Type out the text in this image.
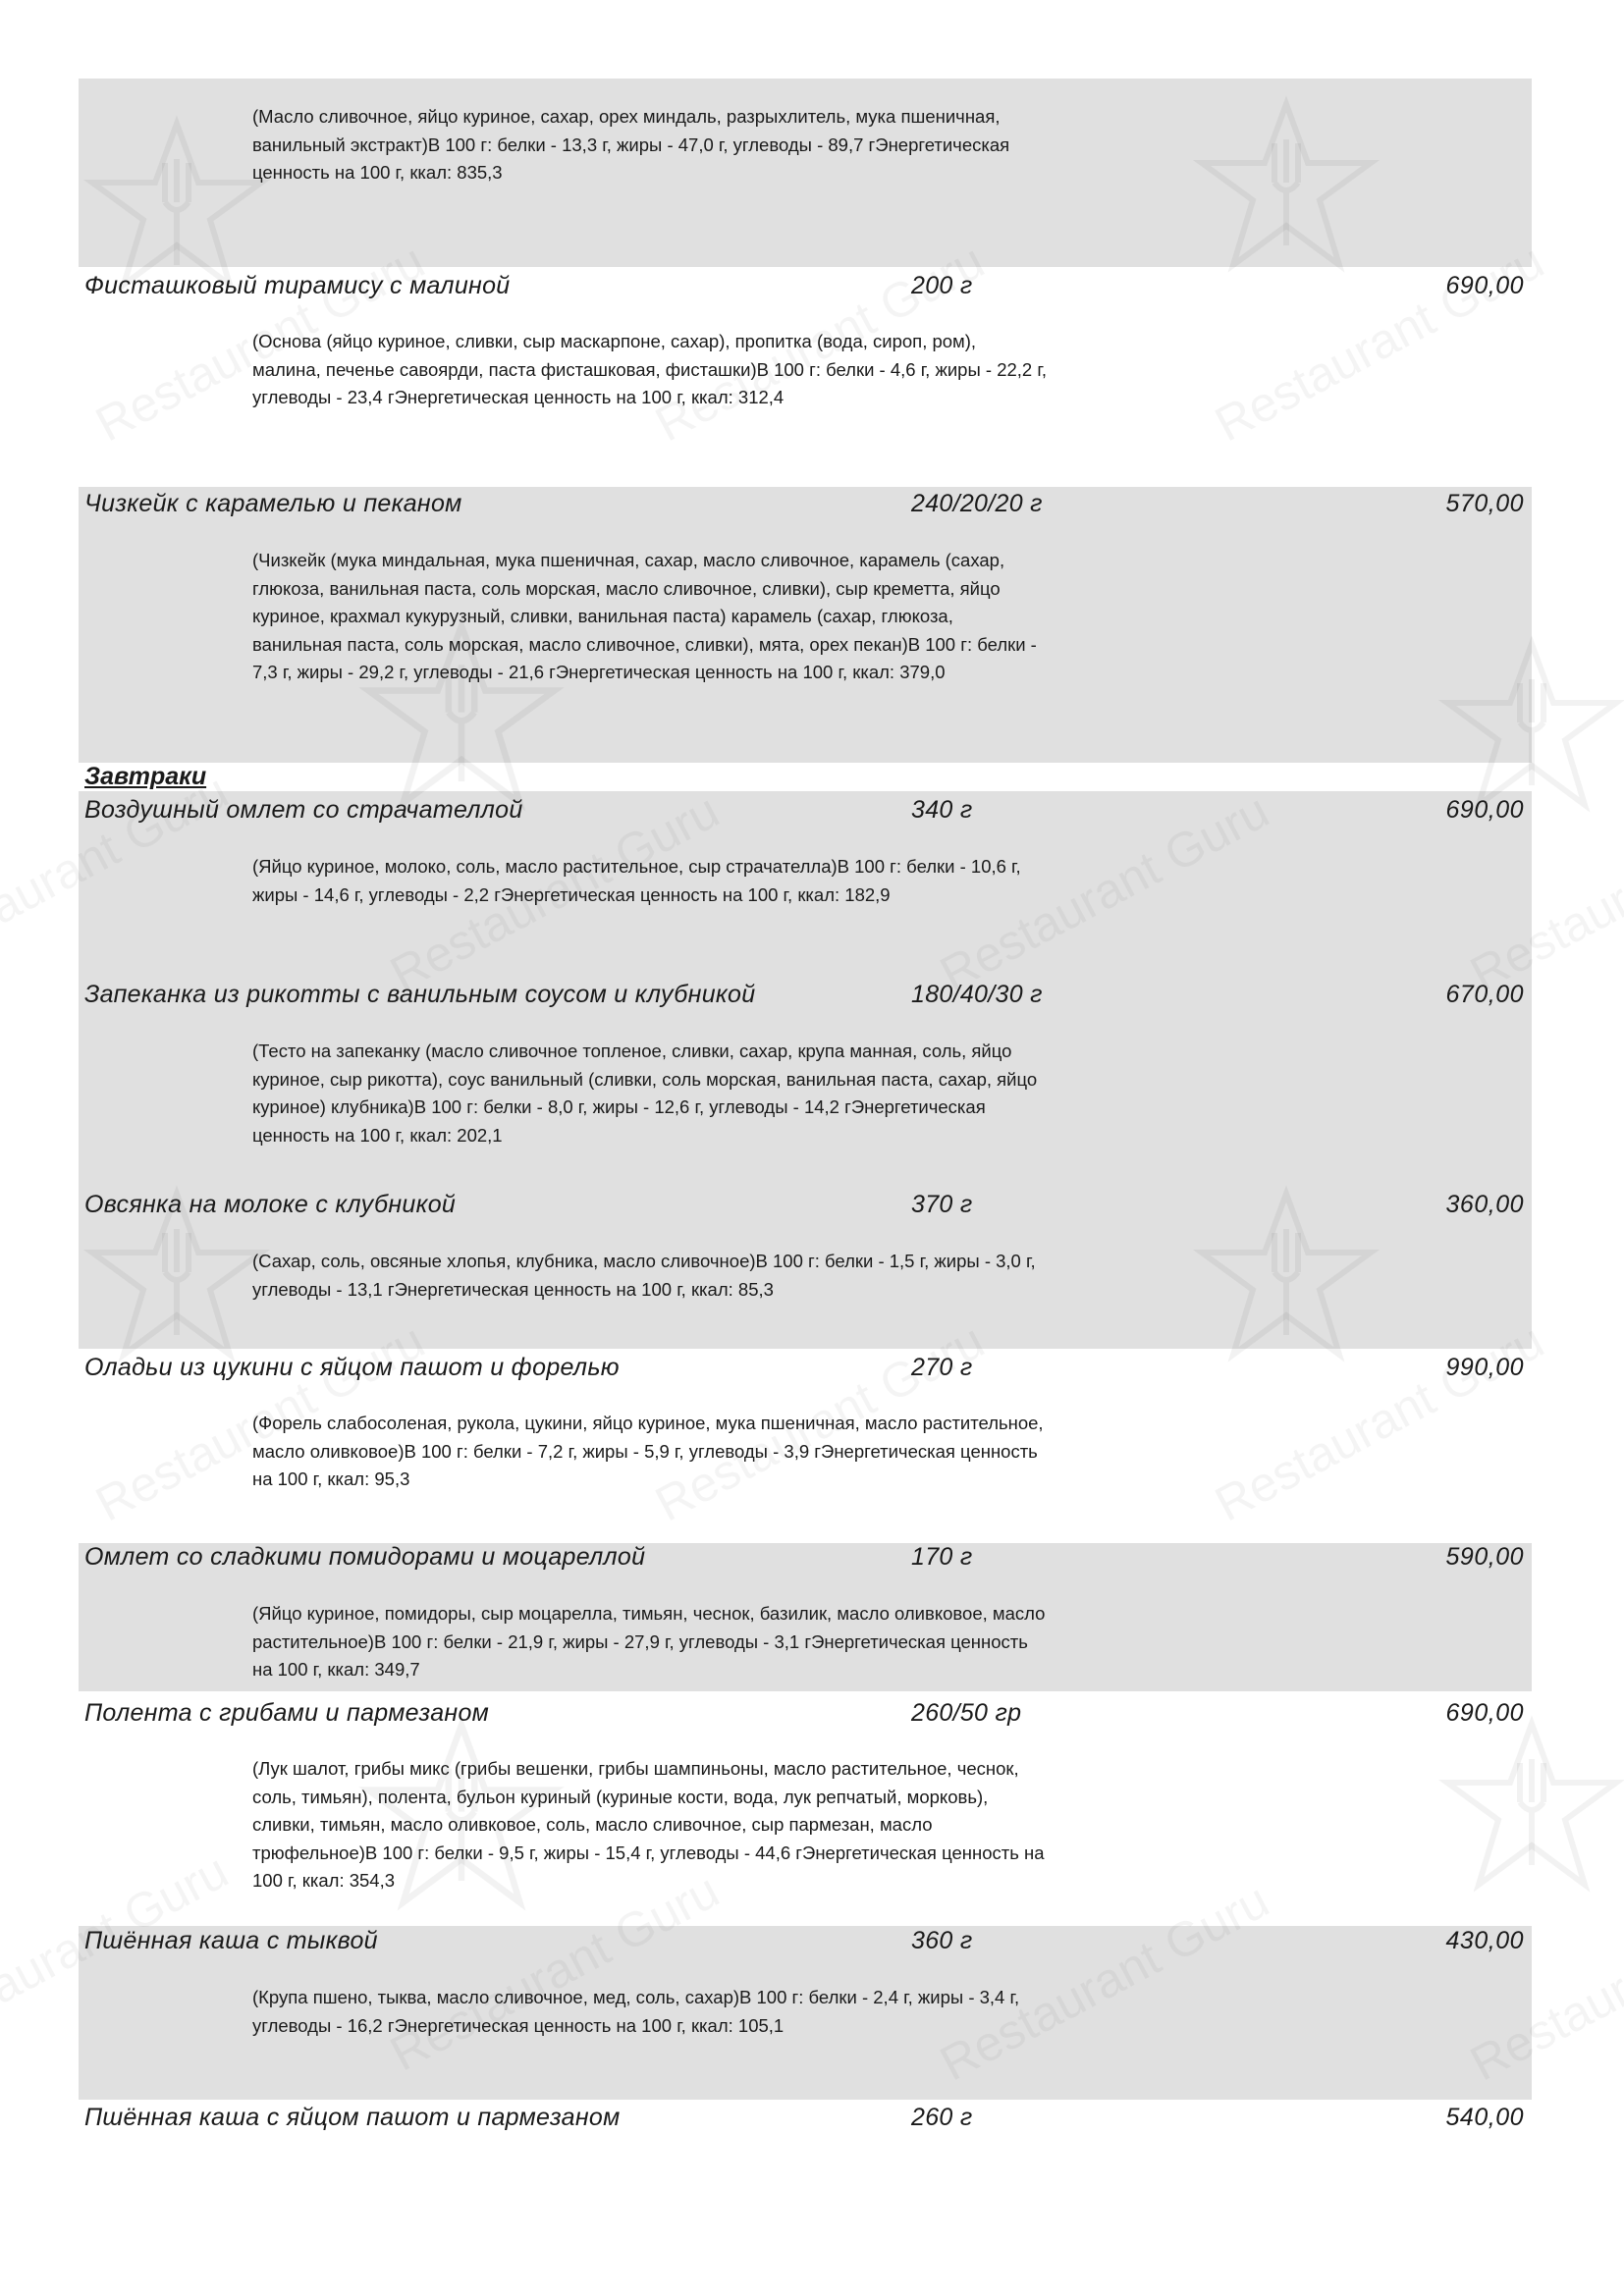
(Масло сливочное, яйцо куриное, сахар, орех миндаль, разрыхлитель, мука пшеничная, ванильный экстракт)В 100 г: белки - 13,3 г, жиры - 47,0 г, углеводы - 89,7 гЭнергетическая ценность на 100 г, ккал: 835,3

Фисташковый тирамису с малиной	200 г	690,00

(Основа (яйцо куриное, сливки, сыр маскарпоне, сахар), пропитка (вода, сироп, ром), малина, печенье савоярди, паста фисташковая, фисташки)В 100 г: белки - 4,6 г, жиры - 22,2 г, углеводы - 23,4 гЭнергетическая ценность на 100 г, ккал: 312,4

Чизкейк с карамелью и пеканом	240/20/20 г	570,00

(Чизкейк (мука миндальная, мука пшеничная, сахар, масло сливочное, карамель (сахар, глюкоза, ванильная паста, соль морская, масло сливочное, сливки), сыр креметта, яйцо куриное, крахмал кукурузный, сливки, ванильная паста) карамель (сахар, глюкоза, ванильная паста, соль морская, масло сливочное, сливки), мята, орех пекан)В 100 г: белки - 7,3 г, жиры - 29,2 г, углеводы - 21,6 гЭнергетическая ценность на 100 г, ккал: 379,0

Завтраки
Воздушный омлет со страчателлой	340 г	690,00

(Яйцо куриное, молоко, соль, масло растительное, сыр страчателла)В 100 г: белки - 10,6 г, жиры - 14,6 г, углеводы - 2,2 гЭнергетическая ценность на 100 г, ккал: 182,9

Запеканка из рикотты с ванильным соусом и клубникой	180/40/30 г	670,00

(Тесто на запеканку (масло сливочное топленое, сливки, сахар, крупа манная, соль, яйцо куриное, сыр рикотта), соус ванильный (сливки, соль морская, ванильная паста, сахар, яйцо куриное) клубника)В 100 г: белки - 8,0 г, жиры - 12,6 г, углеводы - 14,2 гЭнергетическая ценность на 100 г, ккал: 202,1

Овсянка на молоке с клубникой	370 г	360,00

(Сахар, соль, овсяные хлопья, клубника, масло сливочное)В 100 г: белки - 1,5 г, жиры - 3,0 г, углеводы - 13,1 гЭнергетическая ценность на 100 г, ккал: 85,3

Оладьи из цукини с яйцом пашот и форелью	270 г	990,00

(Форель слабосоленая, рукола, цукини, яйцо куриное, мука пшеничная, масло растительное, масло оливковое)В 100 г: белки - 7,2 г, жиры - 5,9 г, углеводы - 3,9 гЭнергетическая ценность на 100 г, ккал: 95,3

Омлет со сладкими помидорами и моцареллой	170 г	590,00

(Яйцо куриное, помидоры, сыр моцарелла, тимьян, чеснок, базилик, масло оливковое, масло растительное)В 100 г: белки - 21,9 г, жиры - 27,9 г, углеводы - 3,1 гЭнергетическая ценность на 100 г, ккал: 349,7

Полента с грибами и пармезаном	260/50 гр	690,00

(Лук шалот, грибы микс (грибы вешенки, грибы шампиньоны, масло растительное, чеснок, соль, тимьян), полента, бульон куриный (куриные кости, вода, лук репчатый, морковь), сливки, тимьян, масло оливковое, соль, масло сливочное, сыр пармезан, масло трюфельное)В 100 г: белки - 9,5 г, жиры - 15,4 г, углеводы - 44,6 гЭнергетическая ценность на 100 г, ккал: 354,3

Пшённая каша с тыквой	360 г	430,00

(Крупа пшено, тыква, масло сливочное, мед, соль, сахар)В 100 г: белки - 2,4 г, жиры - 3,4 г, углеводы - 16,2 гЭнергетическая ценность на 100 г, ккал: 105,1

Пшённая каша с яйцом пашот и пармезаном	260 г	540,00
